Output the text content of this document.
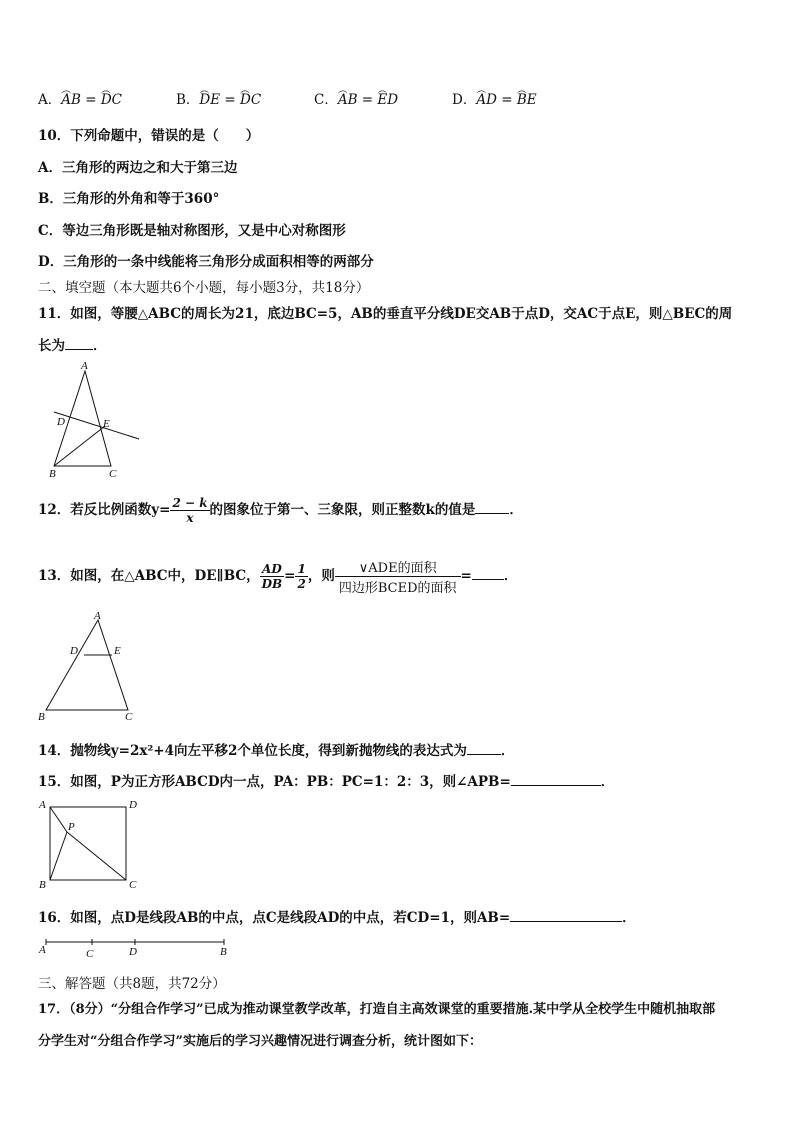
A．︵ AB = ︵ DC	B．︵ DE = ︵ DC	C．︵ AB = ︵ ED	D．︵ AD = ︵ BE
10．下列命题中，错误的是（　　）
A．三角形的两边之和大于第三边
B．三角形的外角和等于360°
C．等边三角形既是轴对称图形，又是中心对称图形
D．三角形的一条中线能将三角形分成面积相等的两部分
二、填空题（本大题共6个小题，每小题3分，共18分）
11．如图，等腰△ABC的周长为21，底边BC=5，AB的垂直平分线DE交AB于点D，交AC于点E，则△BEC的周
长为 ．
A
B	C
D	E
12．若反比例函数$y= \frac{2 - k}{x}$ 的图象位于第一、三象限，则正整数k的值是	．
13．如图，在△ABC中，DE∥BC， $\frac{AD}{DB} = \frac{1}{2}$ ，则	∨ADE的面积
四边形BCED的面积
= ．
A
B	C
D	E
14．抛物线y=2x²+4向左平移2个单位长度，得到新抛物线的表达式为	．
15．如图，P为正方形ABCD内一点，PA：PB：PC=1：2：3，则∠APB=	．
A	D
B	C
P
16．如图，点D是线段AB的中点，点C是线段AD的中点，若CD=1，则AB=	．
A	C	D	B
三、解答题（共8题，共72分）
17．（8分）“分组合作学习”已成为推动课堂教学改革，打造自主高效课堂的重要措施.某中学从全校学生中随机抽取部
分学生对“分组合作学习”实施后的学习兴趣情况进行调查分析，统计图如下：
